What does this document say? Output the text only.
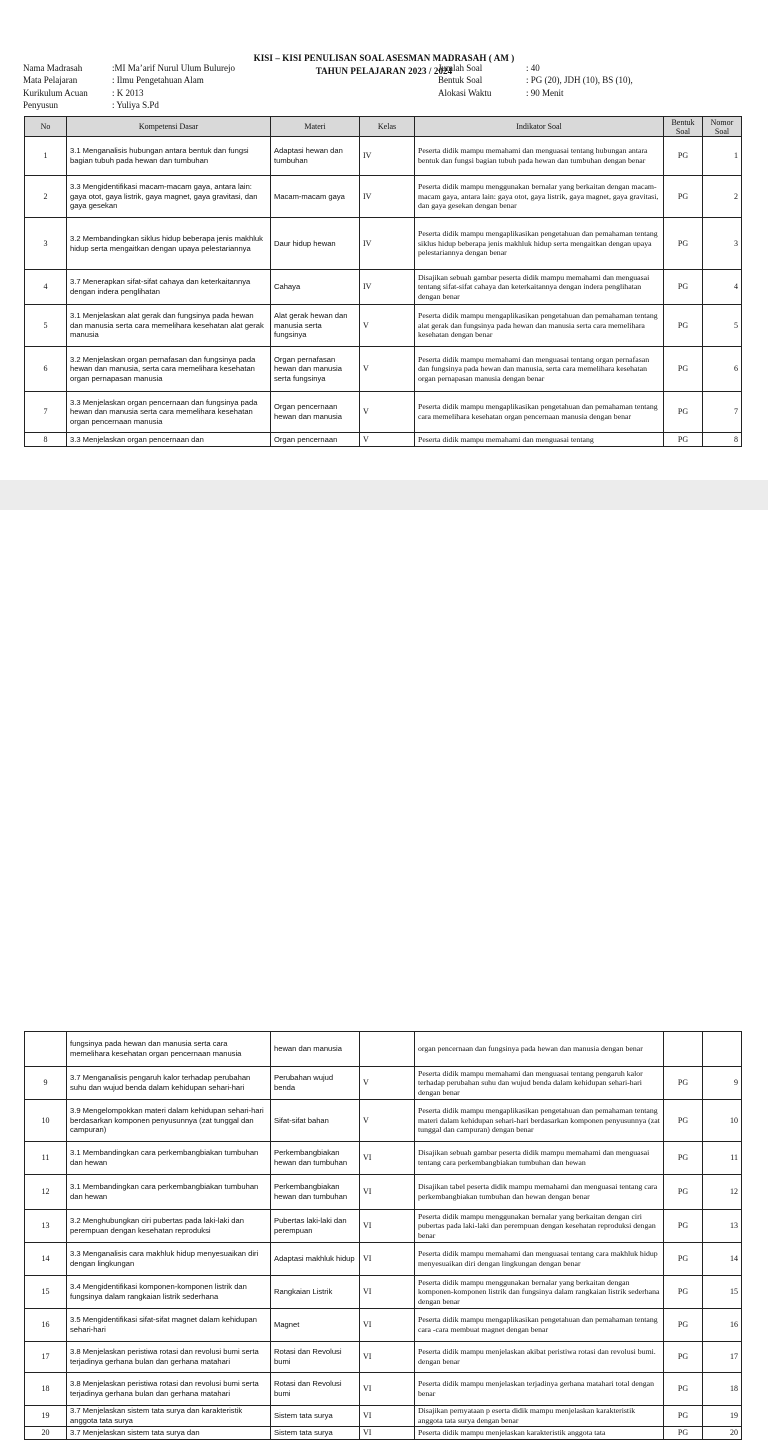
KISI – KISI PENULISAN SOAL ASESMAN MADRASAH ( AM )
TAHUN PELAJARAN 2023 / 2024
Nama Madrasah	:MI Ma’arif Nurul Ulum Bulurejo
Mata Pelajaran	: Ilmu Pengetahuan Alam
Kurikulum Acuan	: K 2013
Penyusun	: Yuliya S.Pd
Jumlah Soal	: 40
Bentuk Soal	: PG (20), JDH (10), BS (10),
Alokasi Waktu	: 90 Menit
No	Kompetensi Dasar	Materi	Kelas	Indikator Soal	Bentuk Soal	Nomor Soal
1	3.1 Menganalisis hubungan antara bentuk dan fungsi bagian tubuh pada hewan dan tumbuhan	Adaptasi hewan dan tumbuhan	IV	Peserta didik mampu memahami dan menguasai tentang hubungan antara bentuk dan fungsi bagian tubuh pada hewan dan tumbuhan dengan benar	PG	1
2	3.3 Mengidentifikasi macam-macam gaya, antara lain: gaya otot, gaya listrik, gaya magnet, gaya gravitasi, dan gaya gesekan	Macam-macam gaya	IV	Peserta didik mampu menggunakan bernalar yang berkaitan dengan macam-macam gaya, antara lain: gaya otot, gaya listrik, gaya magnet, gaya gravitasi, dan gaya gesekan dengan benar	PG	2
3	3.2 Membandingkan siklus hidup beberapa jenis makhluk hidup serta mengaitkan dengan upaya pelestariannya	Daur hidup hewan	IV	Peserta didik mampu mengaplikasikan pengetahuan dan pemahaman tentang siklus hidup beberapa jenis makhluk hidup serta mengaitkan dengan upaya pelestariannya dengan benar	PG	3
4	3.7 Menerapkan sifat-sifat cahaya dan keterkaitannya dengan indera penglihatan	Cahaya	IV	Disajikan sebuah gambar peserta didik mampu memahami dan menguasai tentang sifat-sifat cahaya dan keterkaitannya dengan indera penglihatan dengan benar	PG	4
5	3.1 Menjelaskan alat gerak dan fungsinya pada hewan dan manusia serta cara memelihara kesehatan alat gerak manusia	Alat gerak hewan dan manusia serta fungsinya	V	Peserta didik mampu mengaplikasikan pengetahuan dan pemahaman tentang alat gerak dan fungsinya pada hewan dan manusia serta cara memelihara kesehatan dengan benar	PG	5
6	3.2 Menjelaskan organ pernafasan dan fungsinya pada hewan dan manusia, serta cara memelihara kesehatan organ pernapasan manusia	Organ pernafasan hewan dan manusia serta fungsinya	V	Peserta didik mampu memahami dan menguasai tentang organ pernafasan dan fungsinya pada hewan dan manusia, serta cara memelihara kesehatan organ pernapasan manusia dengan benar	PG	6
7	3.3 Menjelaskan organ pencernaan dan fungsinya pada hewan dan manusia serta cara memelihara kesehatan organ pencernaan manusia	Organ pencernaan hewan dan manusia	V	Peserta didik mampu mengaplikasikan pengetahuan dan pemahaman tentang cara memelihara kesehatan organ pencernaan manusia dengan benar	PG	7
8	3.3 Menjelaskan organ pencernaan dan	Organ pencernaan	V	Peserta didik mampu memahami dan menguasai tentang	PG	8
	fungsinya pada hewan dan manusia serta cara memelihara kesehatan organ pencernaan manusia	hewan dan manusia		organ pencernaan dan fungsinya pada hewan dan manusia dengan benar		
9	3.7 Menganalisis pengaruh kalor terhadap perubahan suhu dan wujud benda dalam kehidupan sehari-hari	Perubahan wujud benda	V	Peserta didik mampu memahami dan menguasai tentang pengaruh kalor terhadap perubahan suhu dan wujud benda dalam kehidupan sehari-hari dengan benar	PG	9
10	3.9 Mengelompokkan materi dalam kehidupan sehari-hari berdasarkan komponen penyusunnya (zat tunggal dan campuran)	Sifat-sifat bahan	V	Peserta didik mampu mengaplikasikan pengetahuan dan pemahaman tentang materi dalam kehidupan sehari-hari berdasarkan komponen penyusunnya (zat tunggal dan campuran) dengan benar	PG	10
11	3.1 Membandingkan cara perkembangbiakan tumbuhan dan hewan	Perkembangbiakan hewan dan tumbuhan	VI	Disajikan sebuah gambar peserta didik mampu memahami dan menguasai tentang cara perkembangbiakan tumbuhan dan hewan	PG	11
12	3.1 Membandingkan cara perkembangbiakan tumbuhan dan hewan	Perkembangbiakan hewan dan tumbuhan	VI	Disajikan tabel peserta didik mampu memahami dan menguasai tentang cara perkembangbiakan tumbuhan dan hewan dengan benar	PG	12
13	3.2 Menghubungkan ciri pubertas pada laki-laki dan perempuan dengan kesehatan reproduksi	Pubertas laki-laki dan perempuan	VI	Peserta didik mampu menggunakan bernalar yang berkaitan dengan ciri pubertas pada laki-laki dan perempuan dengan kesehatan reproduksi dengan benar	PG	13
14	3.3 Menganalisis cara makhluk hidup menyesuaikan diri dengan lingkungan	Adaptasi makhluk hidup	VI	Peserta didik mampu memahami dan menguasai tentang cara makhluk hidup menyesuaikan diri dengan lingkungan dengan benar	PG	14
15	3.4 Mengidentifikasi komponen-komponen listrik dan fungsinya dalam rangkaian listrik sederhana	Rangkaian Listrik	VI	Peserta didik mampu menggunakan bernalar yang berkaitan dengan komponen-komponen listrik dan fungsinya dalam rangkaian listrik sederhana dengan benar	PG	15
16	3.5 Mengidentifikasi sifat-sifat magnet dalam kehidupan sehari-hari	Magnet	VI	Peserta didik mampu mengaplikasikan pengetahuan dan pemahaman tentang cara -cara membuat magnet dengan benar	PG	16
17	3.8 Menjelaskan peristiwa rotasi dan revolusi bumi serta terjadinya gerhana bulan dan gerhana matahari	Rotasi dan Revolusi bumi	VI	Peserta didik mampu menjelaskan akibat peristiwa rotasi dan revolusi bumi. dengan benar	PG	17
18	3.8 Menjelaskan peristiwa rotasi dan revolusi bumi serta terjadinya gerhana bulan dan gerhana matahari	Rotasi dan Revolusi bumi	VI	Peserta didik mampu menjelaskan terjadinya gerhana matahari total dengan benar	PG	18
19	3.7 Menjelaskan sistem tata surya dan karakteristik anggota tata surya	Sistem tata surya	VI	Disajikan pernyataan p eserta didik mampu menjelaskan karakteristik anggota tata surya dengan benar	PG	19
20	3.7 Menjelaskan sistem tata surya dan	Sistem tata surya	VI	Peserta didik mampu menjelaskan karakteristik anggota tata	PG	20
